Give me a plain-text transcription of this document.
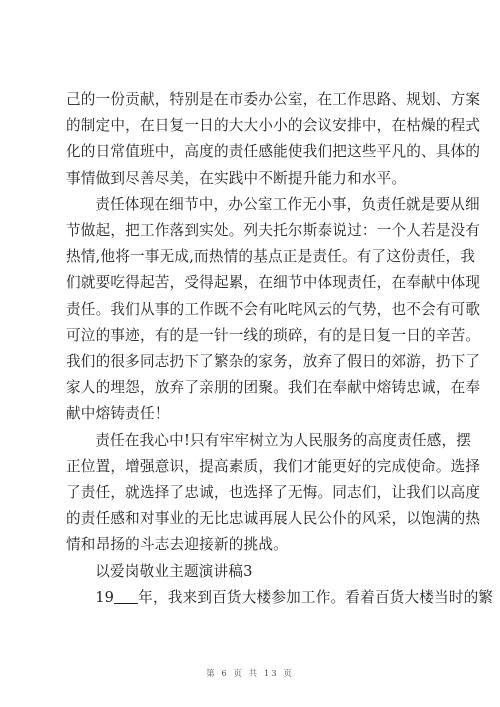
己的一份贡献，特别是在市委办公室，在工作思路、规划、方案
的制定中，在日复一日的大大小小的会议安排中，在枯燥的程式
化的日常值班中，高度的责任感能使我们把这些平凡的、具体的
事情做到尽善尽美，在实践中不断提升能力和水平。

责任体现在细节中，办公室工作无小事，负责任就是要从细
节做起，把工作落到实处。列夫托尔斯泰说过：一个人若是没有
热情,他将一事无成,而热情的基点正是责任。有了这份责任，我
们就要吃得起苦，受得起累，在细节中体现责任，在奉献中体现
责任。我们从事的工作既不会有叱咤风云的气势，也不会有可歌
可泣的事迹，有的是一针一线的琐碎，有的是日复一日的辛苦。
我们的很多同志扔下了繁杂的家务，放弃了假日的郊游，扔下了
家人的埋怨，放弃了亲朋的团聚。我们在奉献中熔铸忠诚，在奉
献中熔铸责任！

责任在我心中!只有牢牢树立为人民服务的高度责任感，摆
正位置，增强意识，提高素质，我们才能更好的完成使命。选择
了责任，就选择了忠诚，也选择了无悔。同志们，让我们以高度
的责任感和对事业的无比忠诚再展人民公仆的风采，以饱满的热
情和昂扬的斗志去迎接新的挑战。

以爱岗敬业主题演讲稿3

19 年，我来到百货大楼参加工作。看着百货大楼当时的繁

第 6 页 共 13 页
